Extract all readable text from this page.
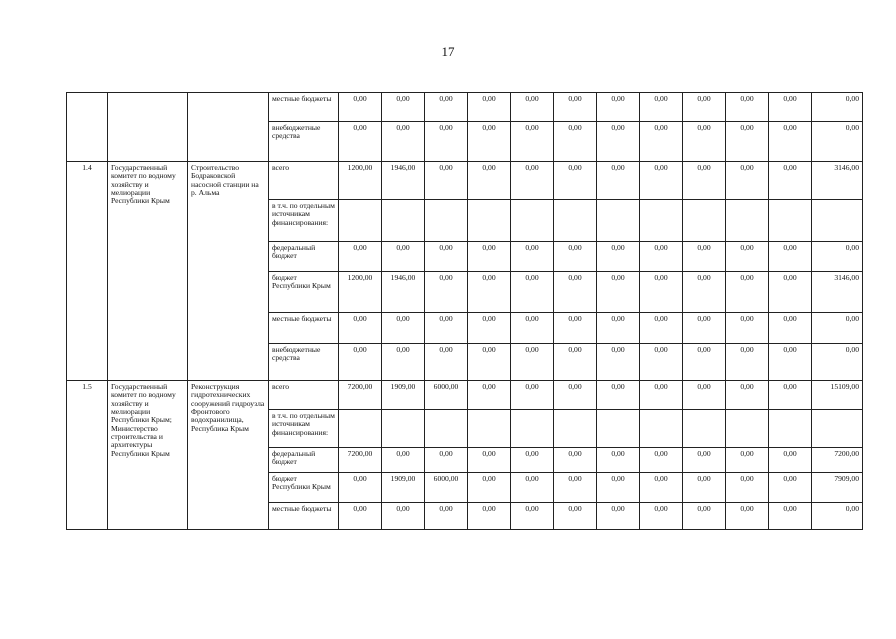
17
			местные бюджеты	0,00	0,00	0,00	0,00	0,00	0,00	0,00	0,00	0,00	0,00	0,00	0,00
			внебюджетные средства	0,00	0,00	0,00	0,00	0,00	0,00	0,00	0,00	0,00	0,00	0,00	0,00
1.4	Государственный комитет по водному хозяйству и мелиорации Республики Крым	Строительство Бодраковской насосной станции на р. Альма	всего	1200,00	1946,00	0,00	0,00	0,00	0,00	0,00	0,00	0,00	0,00	0,00	3146,00
			в т.ч. по отдельным источникам финансирования:												
			федеральный бюджет	0,00	0,00	0,00	0,00	0,00	0,00	0,00	0,00	0,00	0,00	0,00	0,00
			бюджет Республики Крым	1200,00	1946,00	0,00	0,00	0,00	0,00	0,00	0,00	0,00	0,00	0,00	3146,00
			местные бюджеты	0,00	0,00	0,00	0,00	0,00	0,00	0,00	0,00	0,00	0,00	0,00	0,00
			внебюджетные средства	0,00	0,00	0,00	0,00	0,00	0,00	0,00	0,00	0,00	0,00	0,00	0,00
1.5	Государственный комитет по водному хозяйству и мелиорации Республики Крым; Министерство строительства и архитектуры Республики Крым	Реконструкция гидротехнических сооружений гидроузла Фронтового водохранилища, Республика Крым	всего	7200,00	1909,00	6000,00	0,00	0,00	0,00	0,00	0,00	0,00	0,00	0,00	15109,00
			в т.ч. по отдельным источникам финансирования:												
			федеральный бюджет	7200,00	0,00	0,00	0,00	0,00	0,00	0,00	0,00	0,00	0,00	0,00	7200,00
			бюджет Республики Крым	0,00	1909,00	6000,00	0,00	0,00	0,00	0,00	0,00	0,00	0,00	0,00	7909,00
			местные бюджеты	0,00	0,00	0,00	0,00	0,00	0,00	0,00	0,00	0,00	0,00	0,00	0,00
